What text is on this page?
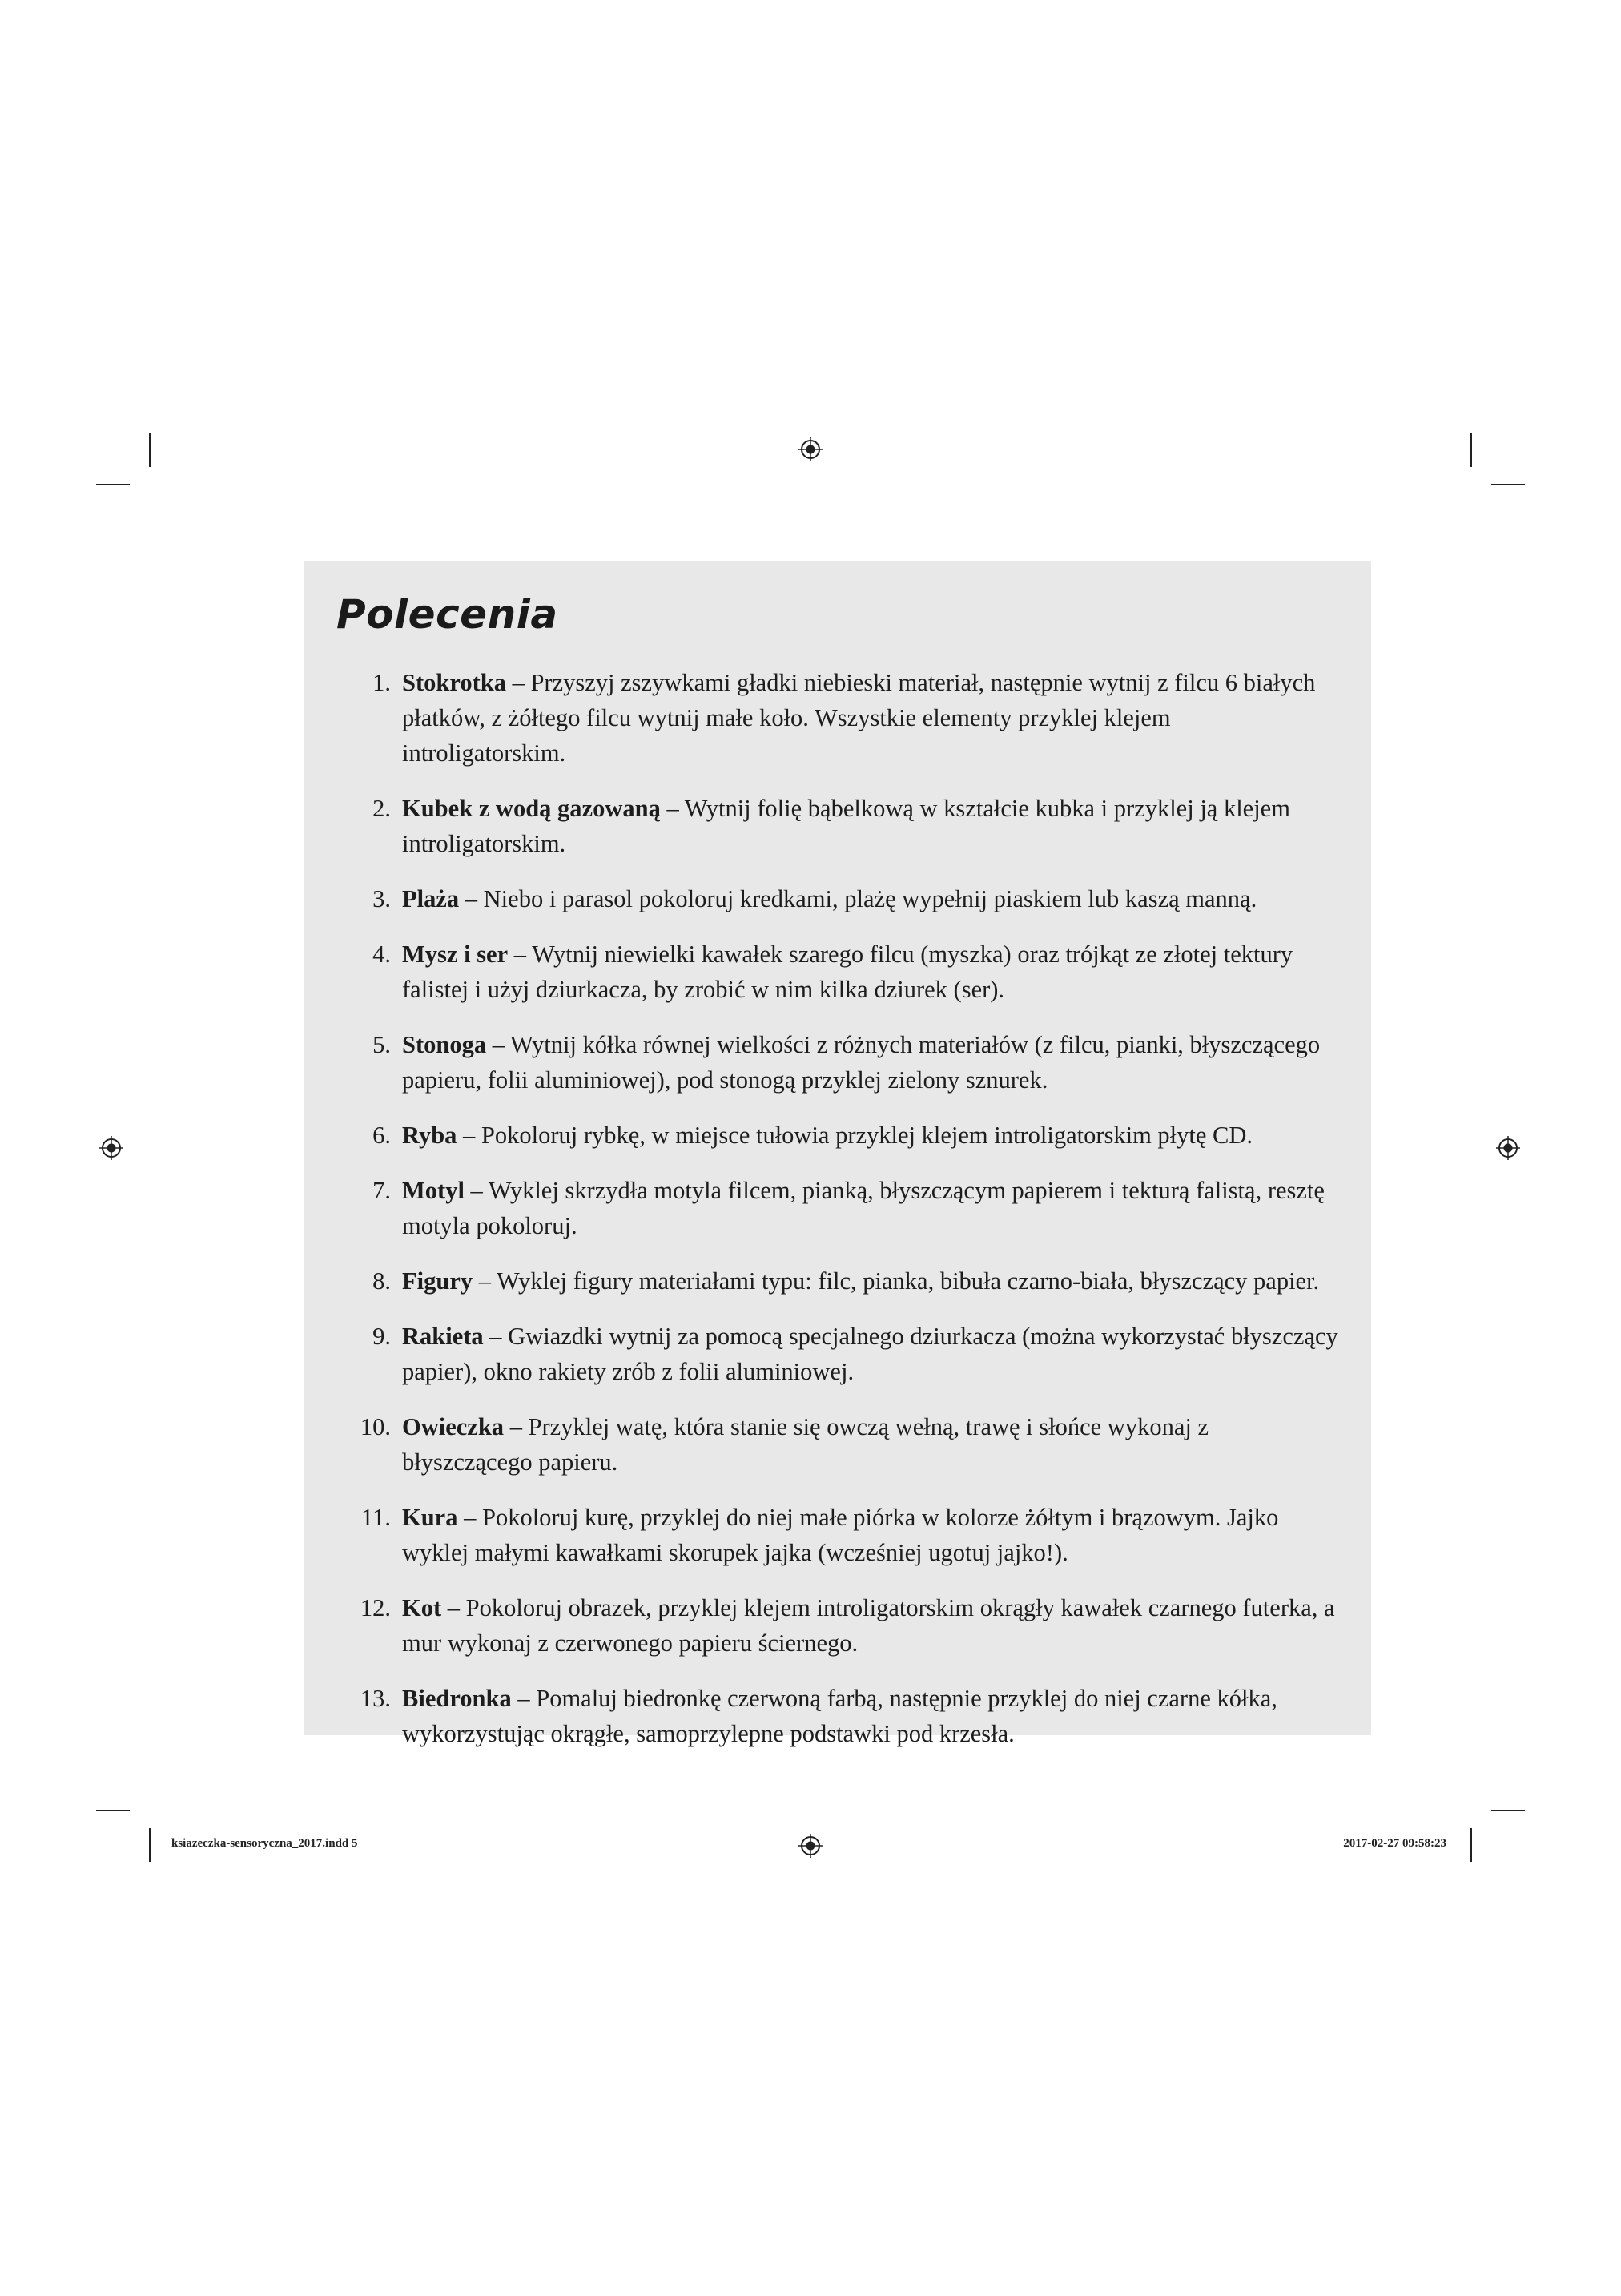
Polecenia
1. Stokrotka – Przyszyj zszywkami gładki niebieski materiał, następnie wytnij z filcu 6 białych płatków, z żółtego filcu wytnij małe koło. Wszystkie elementy przyklej klejem introligatorskim.
2. Kubek z wodą gazowaną – Wytnij folię bąbelkową w kształcie kubka i przyklej ją klejem introligatorskim.
3. Plaża – Niebo i parasol pokoloruj kredkami, plażę wypełnij piaskiem lub kaszą manną.
4. Mysz i ser – Wytnij niewielki kawałek szarego filcu (myszka) oraz trójkąt ze złotej tektury falistej i użyj dziurkacza, by zrobić w nim kilka dziurek (ser).
5. Stonoga – Wytnij kółka równej wielkości z różnych materiałów (z filcu, pianki, błyszczącego papieru, folii aluminiowej), pod stonogą przyklej zielony sznurek.
6. Ryba – Pokoloruj rybkę, w miejsce tułowia przyklej klejem introligatorskim płytę CD.
7. Motyl – Wyklej skrzydła motyla filcem, pianką, błyszczącym papierem i tekturą falistą, resztę motyla pokoloruj.
8. Figury – Wyklej figury materiałami typu: filc, pianka, bibuła czarno-biała, błyszczący papier.
9. Rakieta – Gwiazdki wytnij za pomocą specjalnego dziurkacza (można wykorzystać błyszczący papier), okno rakiety zrób z folii aluminiowej.
10. Owieczka – Przyklej watę, która stanie się owczą wełną, trawę i słońce wykonaj z błyszczącego papieru.
11. Kura – Pokoloruj kurę, przyklej do niej małe piórka w kolorze żółtym i brązowym. Jajko wyklej małymi kawałkami skorupek jajka (wcześniej ugotuj jajko!).
12. Kot – Pokoloruj obrazek, przyklej klejem introligatorskim okrągły kawałek czarnego futerka, a mur wykonaj z czerwonego papieru ściernego.
13. Biedronka – Pomaluj biedronkę czerwoną farbą, następnie przyklej do niej czarne kółka, wykorzystując okrągłe, samoprzylepne podstawki pod krzesła.
ksiazeczka-sensoryczna_2017.indd 5	2017-02-27 09:58:23
